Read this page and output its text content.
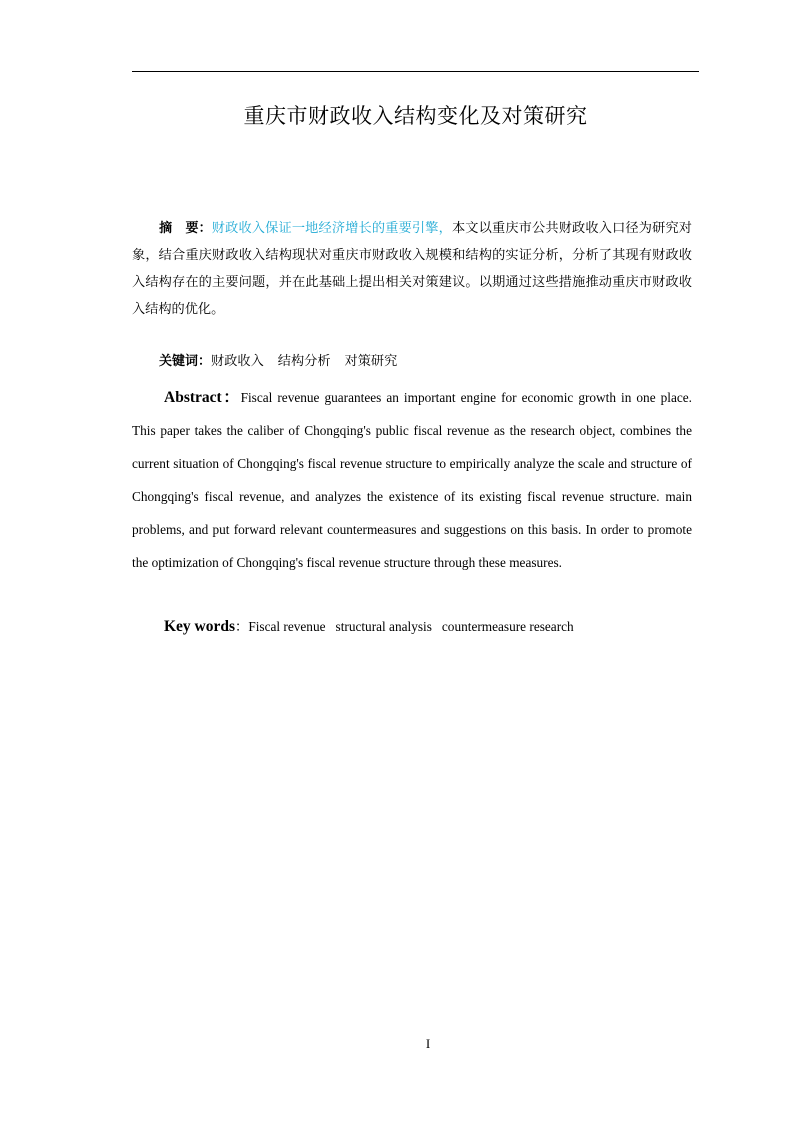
重庆市财政收入结构变化及对策研究
摘　要：财政收入保证一地经济增长的重要引擎，本文以重庆市公共财政收入口径为研究对象，结合重庆财政收入结构现状对重庆市财政收入规模和结构的实证分析，分析了其现有财政收入结构存在的主要问题，并在此基础上提出相关对策建议。以期通过这些措施推动重庆市财政收入结构的优化。
关键词：财政收入 结构分析 对策研究
Abstract：Fiscal revenue guarantees an important engine for economic growth in one place. This paper takes the caliber of Chongqing's public fiscal revenue as the research object, combines the current situation of Chongqing's fiscal revenue structure to empirically analyze the scale and structure of Chongqing's fiscal revenue, and analyzes the existence of its existing fiscal revenue structure. main problems, and put forward relevant countermeasures and suggestions on this basis. In order to promote the optimization of Chongqing's fiscal revenue structure through these measures.
Key words：Fiscal revenue structural analysis countermeasure research
I
